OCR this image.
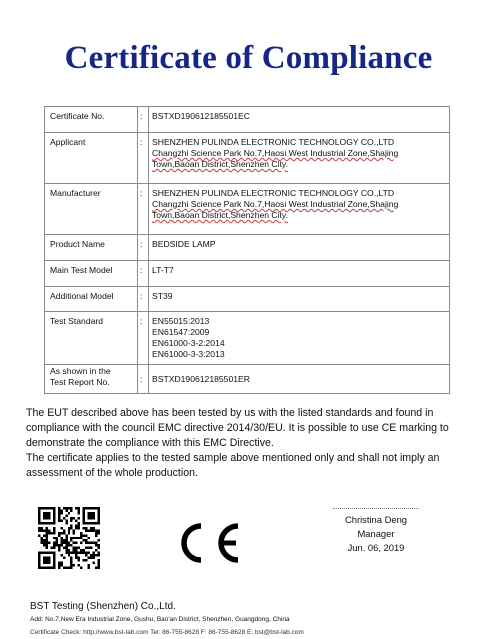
Certificate of Compliance
Certificate No.	:	BSTXD190612185501EC

Applicant	:	SHENZHEN PULINDA ELECTRONIC TECHNOLOGY CO.,LTD
Changzhi Science Park No.7,Haosi West Industrial Zone,Shajing
Town,Baoan District,Shenzhen City.

Manufacturer	:	SHENZHEN PULINDA ELECTRONIC TECHNOLOGY CO.,LTD
Changzhi Science Park No.7,Haosi West Industrial Zone,Shajing
Town,Baoan District,Shenzhen City.

Product Name	:	BEDSIDE LAMP

Main Test Model	:	LT-T7

Additional Model	:	ST39

Test Standard	:	EN55015:2013
EN61547:2009
EN61000-3-2:2014
EN61000-3-3:2013

As shown in the
Test Report No.	:	BSTXD190612185501ER

The EUT described above has been tested by us with the listed standards and found in compliance with the council EMC directive 2014/30/EU. It is possible to use CE marking to demonstrate the compliance with this EMC Directive.

The certificate applies to the tested sample above mentioned only and shall not imply an assessment of the whole production.

Christina Deng
Manager
Jun. 06, 2019
BST Testing (Shenzhen) Co.,Ltd.
Add: No.7,New Era Industrial Zone, Gushu, Bao'an District, Shenzhen, Guangdong, China
Certificate Check: http://www.bst-lab.com Tel: 86-755-8628 F: 86-755-8628 E: bst@bst-lab.com
